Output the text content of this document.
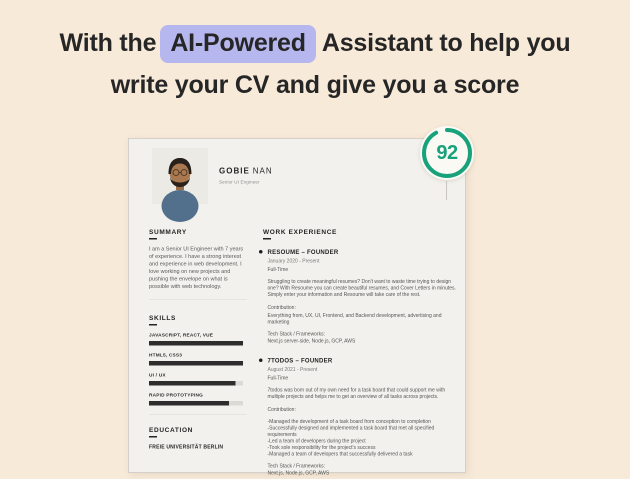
With the AI-Powered Assistant to help you
write your CV and give you a score
GOBIE NAN
Senior UI Engineer
SUMMARY

I am a Senior UI Engineer with 7 years of experience. I have a strong interest and experience in web development. I love working on new projects and pushing the envelope on what is possible with web technology.

SKILLS
JAVASCRIPT, REACT, VUE
HTML5, CSS3
UI / UX
RAPID PROTOTYPING
EDUCATION
FREIE UNIVERSITÄT BERLIN
WORK EXPERIENCE
RESOUME – FOUNDER
January 2020 - Present
Full-Time

Struggling to create meaningful resumes? Don't want to waste time trying to design one? With Resoume you can create beautiful resumes, and Cover Letters in minutes. Simply enter your information and Resoume will take care of the rest.

Contribution:

Everything from, UX, UI, Frontend, and Backend development, advertising and marketing

Tech Stack / Frameworks:
Next.js server-side, Node.js, GCP, AWS
7TODOS – FOUNDER
August 2021 - Present
Full-Time

7todos was born out of my own need for a task board that could support me with multiple projects and helps me to get an overview of all tasks across projects.

Contribution:
-Managed the development of a task board from conception to completion
-Successfully designed and implemented a task board that met all specified requirements
-Led a team of developers during the project
-Took sole responsibility for the project's success
-Managed a team of developers that successfully delivered a task
Tech Stack / Frameworks:
Next.js, Node.js, GCP, AWS
92
